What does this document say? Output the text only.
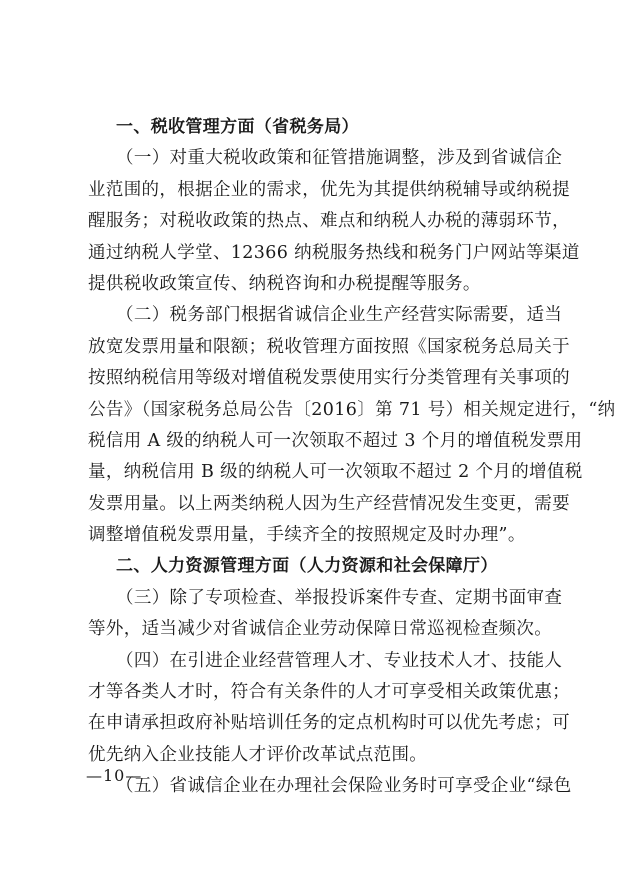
一、税收管理方面（省税务局）
（一）对重大税收政策和征管措施调整，涉及到省诚信企
业范围的，根据企业的需求，优先为其提供纳税辅导或纳税提
醒服务；对税收政策的热点、难点和纳税人办税的薄弱环节，
通过纳税人学堂、12366 纳税服务热线和税务门户网站等渠道
提供税收政策宣传、纳税咨询和办税提醒等服务。
（二）税务部门根据省诚信企业生产经营实际需要，适当
放宽发票用量和限额；税收管理方面按照《国家税务总局关于
按照纳税信用等级对增值税发票使用实行分类管理有关事项的
公告》（国家税务总局公告〔2016〕第 71 号）相关规定进行，“纳
税信用 A 级的纳税人可一次领取不超过 3 个月的增值税发票用
量，纳税信用 B 级的纳税人可一次领取不超过 2 个月的增值税
发票用量。以上两类纳税人因为生产经营情况发生变更，需要
调整增值税发票用量，手续齐全的按照规定及时办理”。
二、人力资源管理方面（人力资源和社会保障厅）
（三）除了专项检查、举报投诉案件专查、定期书面审查
等外，适当减少对省诚信企业劳动保障日常巡视检查频次。
（四）在引进企业经营管理人才、专业技术人才、技能人
才等各类人才时，符合有关条件的人才可享受相关政策优惠；
在申请承担政府补贴培训任务的定点机构时可以优先考虑；可
优先纳入企业技能人才评价改革试点范围。
（五）省诚信企业在办理社会保险业务时可享受企业“绿色
—10—
